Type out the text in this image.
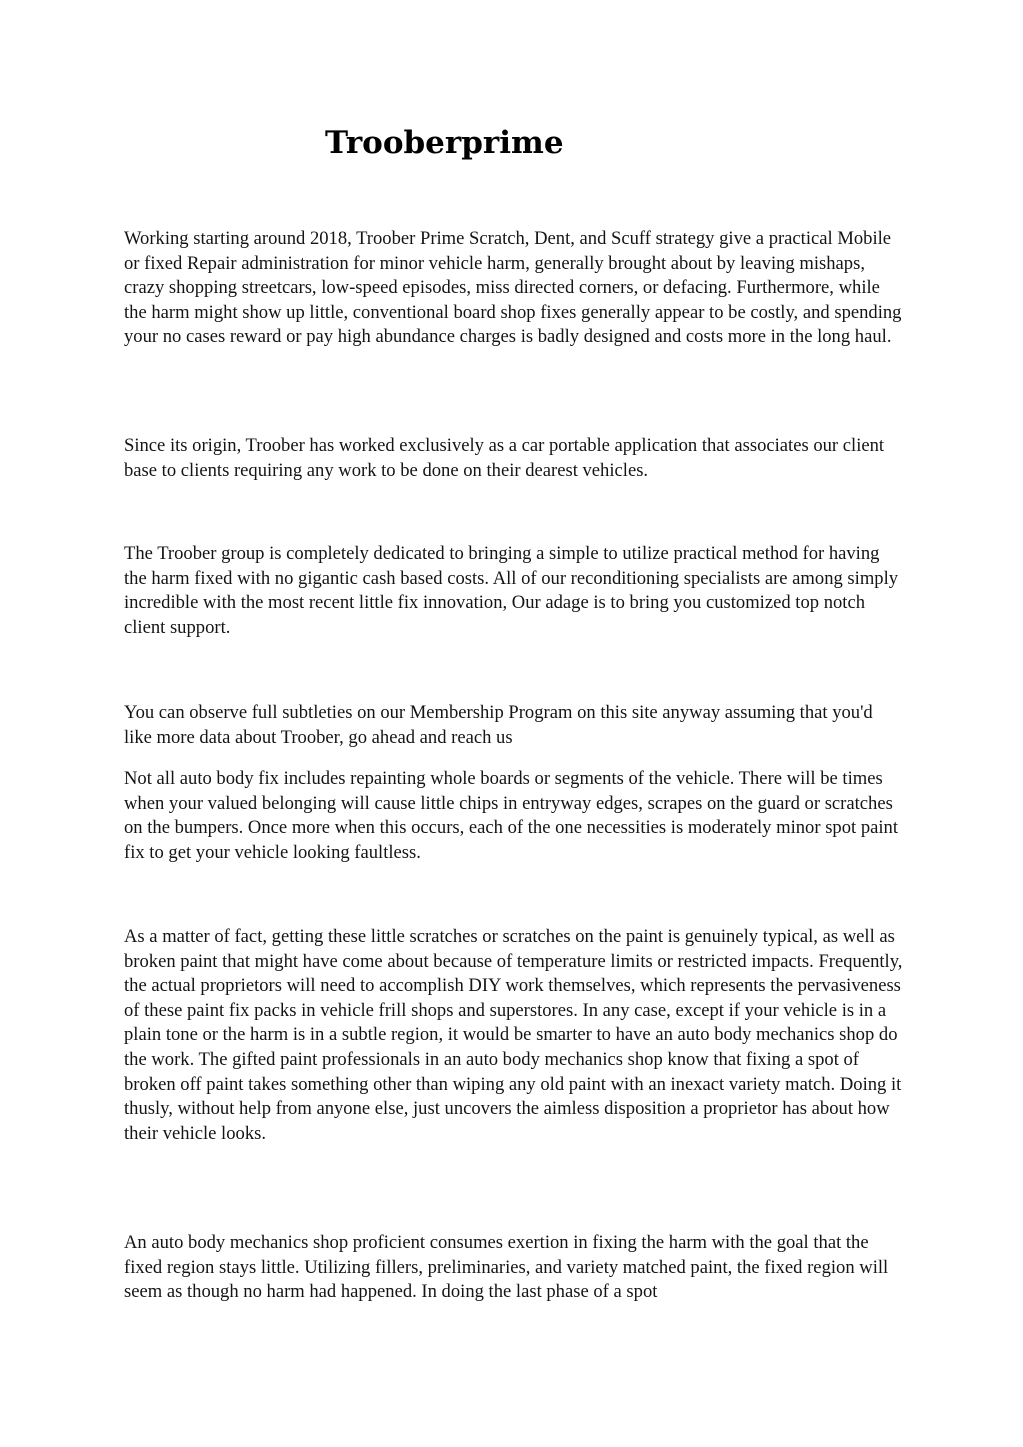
Trooberprime

Working starting around 2018, Troober Prime Scratch, Dent, and Scuff strategy give a practical Mobile or fixed Repair administration for minor vehicle harm, generally brought about by leaving mishaps, crazy shopping streetcars, low-speed episodes, miss directed corners, or defacing. Furthermore, while the harm might show up little, conventional board shop fixes generally appear to be costly, and spending your no cases reward or pay high abundance charges is badly designed and costs more in the long haul.

Since its origin, Troober has worked exclusively as a car portable application that associates our client base to clients requiring any work to be done on their dearest vehicles.

The Troober group is completely dedicated to bringing a simple to utilize practical method for having the harm fixed with no gigantic cash based costs. All of our reconditioning specialists are among simply incredible with the most recent little fix innovation, Our adage is to bring you customized top notch client support.

You can observe full subtleties on our Membership Program on this site anyway assuming that you'd like more data about Troober, go ahead and reach us

Not all auto body fix includes repainting whole boards or segments of the vehicle. There will be times when your valued belonging will cause little chips in entryway edges, scrapes on the guard or scratches on the bumpers. Once more when this occurs, each of the one necessities is moderately minor spot paint fix to get your vehicle looking faultless.

As a matter of fact, getting these little scratches or scratches on the paint is genuinely typical, as well as broken paint that might have come about because of temperature limits or restricted impacts. Frequently, the actual proprietors will need to accomplish DIY work themselves, which represents the pervasiveness of these paint fix packs in vehicle frill shops and superstores. In any case, except if your vehicle is in a plain tone or the harm is in a subtle region, it would be smarter to have an auto body mechanics shop do the work. The gifted paint professionals in an auto body mechanics shop know that fixing a spot of broken off paint takes something other than wiping any old paint with an inexact variety match. Doing it thusly, without help from anyone else, just uncovers the aimless disposition a proprietor has about how their vehicle looks.

An auto body mechanics shop proficient consumes exertion in fixing the harm with the goal that the fixed region stays little. Utilizing fillers, preliminaries, and variety matched paint, the fixed region will seem as though no harm had happened. In doing the last phase of a spot
